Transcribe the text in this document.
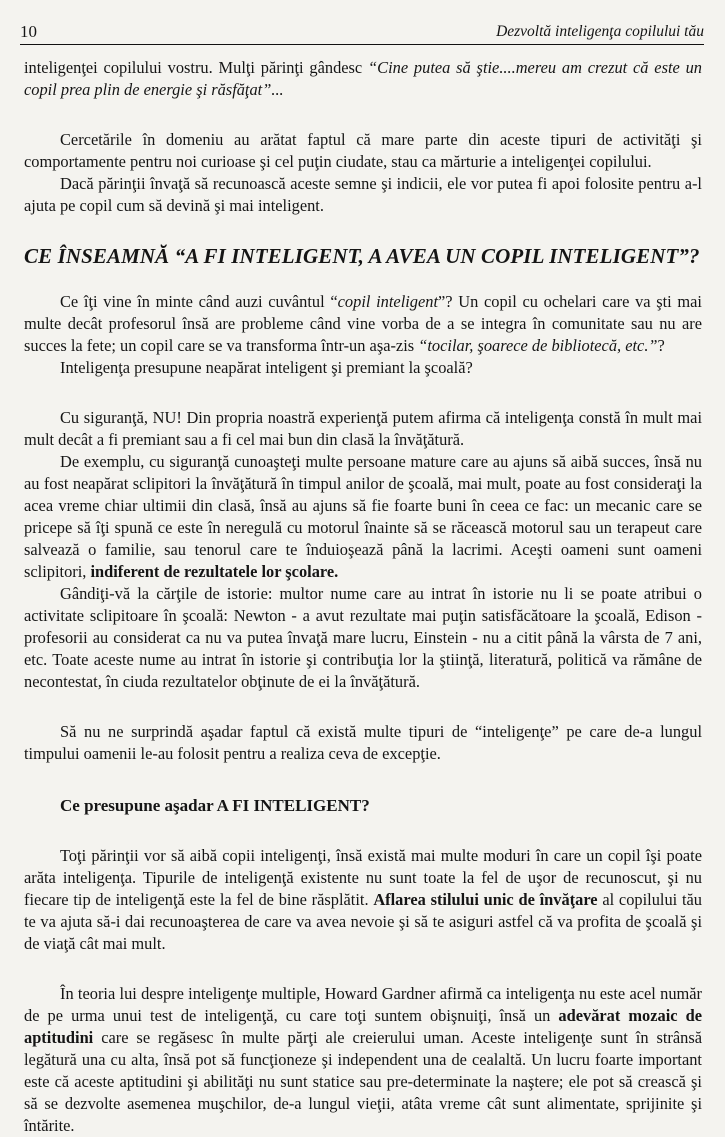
10	Dezvoltă inteligenţa copilului tău

inteligenţei copilului vostru. Mulţi părinţi gândesc “Cine putea să ştie....mereu am crezut că este un copil prea plin de energie şi răsfăţat”...

Cercetările în domeniu au arătat faptul că mare parte din aceste tipuri de activităţi şi comportamente pentru noi curioase şi cel puţin ciudate, stau ca mărturie a inteligenţei copilului.

Dacă părinţii învaţă să recunoască aceste semne şi indicii, ele vor putea fi apoi folosite pentru a-l ajuta pe copil cum să devină şi mai inteligent.

CE ÎNSEAMNĂ “A FI INTELIGENT, A AVEA UN COPIL INTELIGENT”?

Ce îţi vine în minte când auzi cuvântul “copil inteligent”? Un copil cu ochelari care va şti mai multe decât profesorul însă are probleme când vine vorba de a se integra în comunitate sau nu are succes la fete; un copil care se va transforma într-un aşa-zis “tocilar, şoarece de bibliotecă, etc.”?

Inteligenţa presupune neapărat inteligent şi premiant la şcoală?

Cu siguranţă, NU! Din propria noastră experienţă putem afirma că inteligenţa constă în mult mai mult decât a fi premiant sau a fi cel mai bun din clasă la învăţătură.

De exemplu, cu siguranţă cunoaşteţi multe persoane mature care au ajuns să aibă succes, însă nu au fost neapărat sclipitori la învăţătură în timpul anilor de şcoală, mai mult, poate au fost consideraţi la acea vreme chiar ultimii din clasă, însă au ajuns să fie foarte buni în ceea ce fac: un mecanic care se pricepe să îţi spună ce este în neregulă cu motorul înainte să se răcească motorul sau un terapeut care salvează o familie, sau tenorul care te înduioşează până la lacrimi. Aceşti oameni sunt oameni sclipitori, indiferent de rezultatele lor şcolare.

Gândiţi-vă la cărţile de istorie: multor nume care au intrat în istorie nu li se poate atribui o activitate sclipitoare în şcoală: Newton - a avut rezultate mai puţin satisfăcătoare la şcoală, Edison - profesorii au considerat ca nu va putea învaţă mare lucru, Einstein - nu a citit până la vârsta de 7 ani, etc. Toate aceste nume au intrat în istorie şi contribuţia lor la ştiinţă, literatură, politică va rămâne de necontestat, în ciuda rezultatelor obţinute de ei la învăţătură.

Să nu ne surprindă aşadar faptul că există multe tipuri de “inteligenţe” pe care de-a lungul timpului oamenii le-au folosit pentru a realiza ceva de excepţie.

Ce presupune aşadar A FI INTELIGENT?

Toţi părinţii vor să aibă copii inteligenţi, însă există mai multe moduri în care un copil îşi poate arăta inteligenţa. Tipurile de inteligenţă existente nu sunt toate la fel de uşor de recunoscut, şi nu fiecare tip de inteligenţă este la fel de bine răsplătit. Aflarea stilului unic de învăţare al copilului tău te va ajuta să-i dai recunoaşterea de care va avea nevoie şi să te asiguri astfel că va profita de şcoală şi de viaţă cât mai mult.

În teoria lui despre inteligenţe multiple, Howard Gardner afirmă ca inteligenţa nu este acel număr de pe urma unui test de inteligenţă, cu care toţi suntem obişnuiţi, însă un adevărat mozaic de aptitudini care se regăsesc în multe părţi ale creierului uman. Aceste inteligenţe sunt în strânsă legătură una cu alta, însă pot să funcţioneze şi independent una de cealaltă. Un lucru foarte important este că aceste aptitudini şi abilităţi nu sunt statice sau pre-determinate la naştere; ele pot să crească şi să se dezvolte asemenea muşchilor, de-a lungul vieţii, atâta vreme cât sunt alimentate, sprijinite şi întărite.
